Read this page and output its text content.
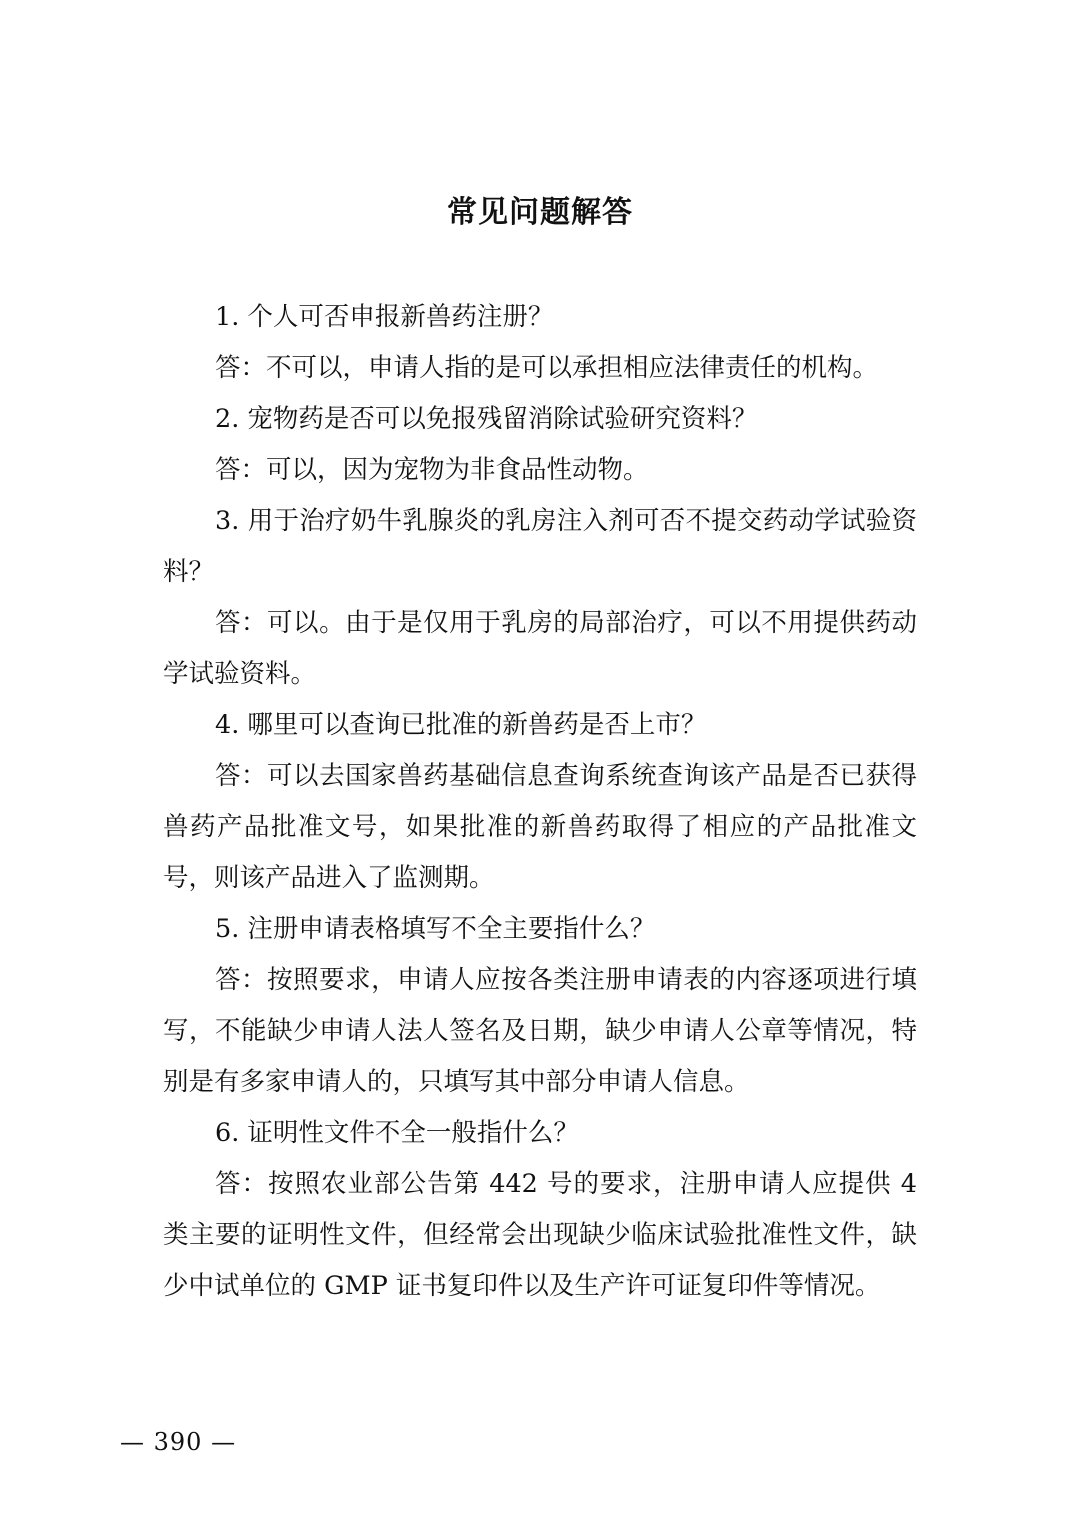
常见问题解答

1. 个人可否申报新兽药注册？

答：不可以，申请人指的是可以承担相应法律责任的机构。

2. 宠物药是否可以免报残留消除试验研究资料？

答：可以，因为宠物为非食品性动物。

3. 用于治疗奶牛乳腺炎的乳房注入剂可否不提交药动学试验资料？

答：可以。由于是仅用于乳房的局部治疗，可以不用提供药动学试验资料。

4. 哪里可以查询已批准的新兽药是否上市？

答：可以去国家兽药基础信息查询系统查询该产品是否已获得兽药产品批准文号，如果批准的新兽药取得了相应的产品批准文号，则该产品进入了监测期。

5. 注册申请表格填写不全主要指什么？

答：按照要求，申请人应按各类注册申请表的内容逐项进行填写，不能缺少申请人法人签名及日期，缺少申请人公章等情况，特别是有多家申请人的，只填写其中部分申请人信息。

6. 证明性文件不全一般指什么？

答：按照农业部公告第 442 号的要求，注册申请人应提供 4 类主要的证明性文件，但经常会出现缺少临床试验批准性文件，缺少中试单位的 GMP 证书复印件以及生产许可证复印件等情况。

— 390 —
